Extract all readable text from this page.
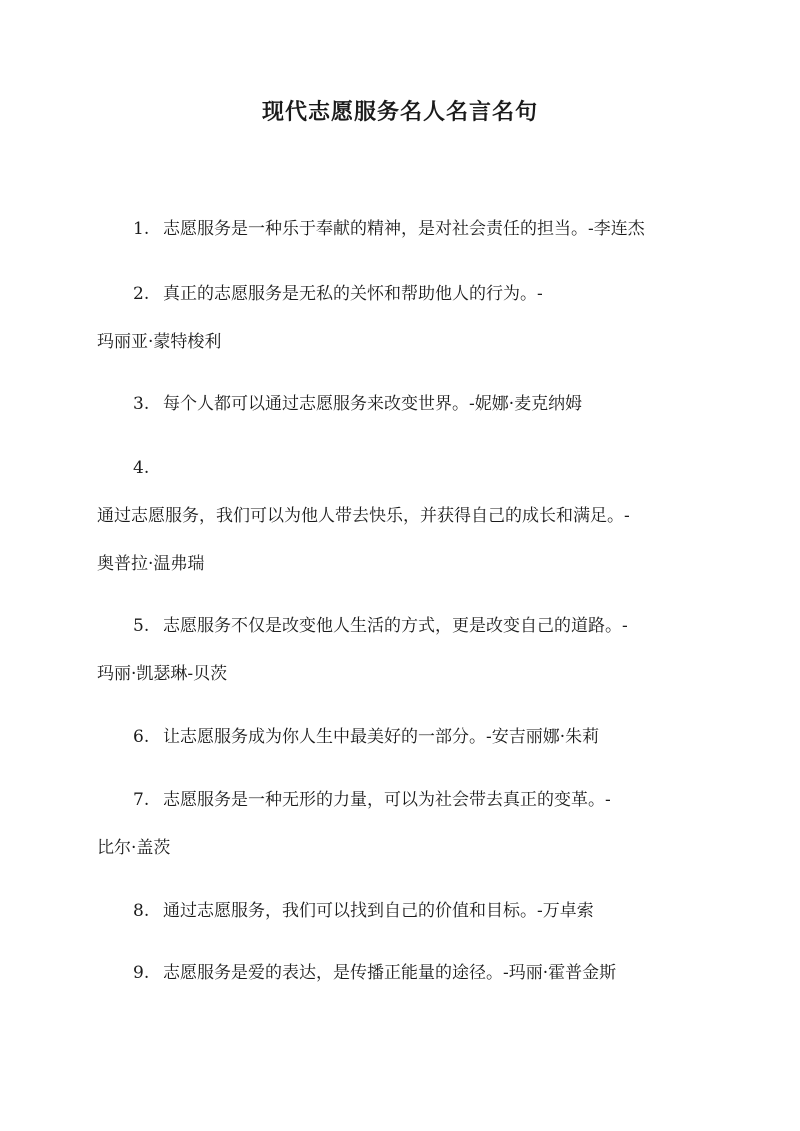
现代志愿服务名人名言名句
1. 志愿服务是一种乐于奉献的精神，是对社会责任的担当。-李连杰
2. 真正的志愿服务是无私的关怀和帮助他人的行为。-
玛丽亚·蒙特梭利
3. 每个人都可以通过志愿服务来改变世界。-妮娜·麦克纳姆
4.
通过志愿服务，我们可以为他人带去快乐，并获得自己的成长和满足。-
奥普拉·温弗瑞
5. 志愿服务不仅是改变他人生活的方式，更是改变自己的道路。-
玛丽·凯瑟琳-贝茨
6. 让志愿服务成为你人生中最美好的一部分。-安吉丽娜·朱莉
7. 志愿服务是一种无形的力量，可以为社会带去真正的变革。-
比尔·盖茨
8. 通过志愿服务，我们可以找到自己的价值和目标。-万卓索
9. 志愿服务是爱的表达，是传播正能量的途径。-玛丽·霍普金斯
